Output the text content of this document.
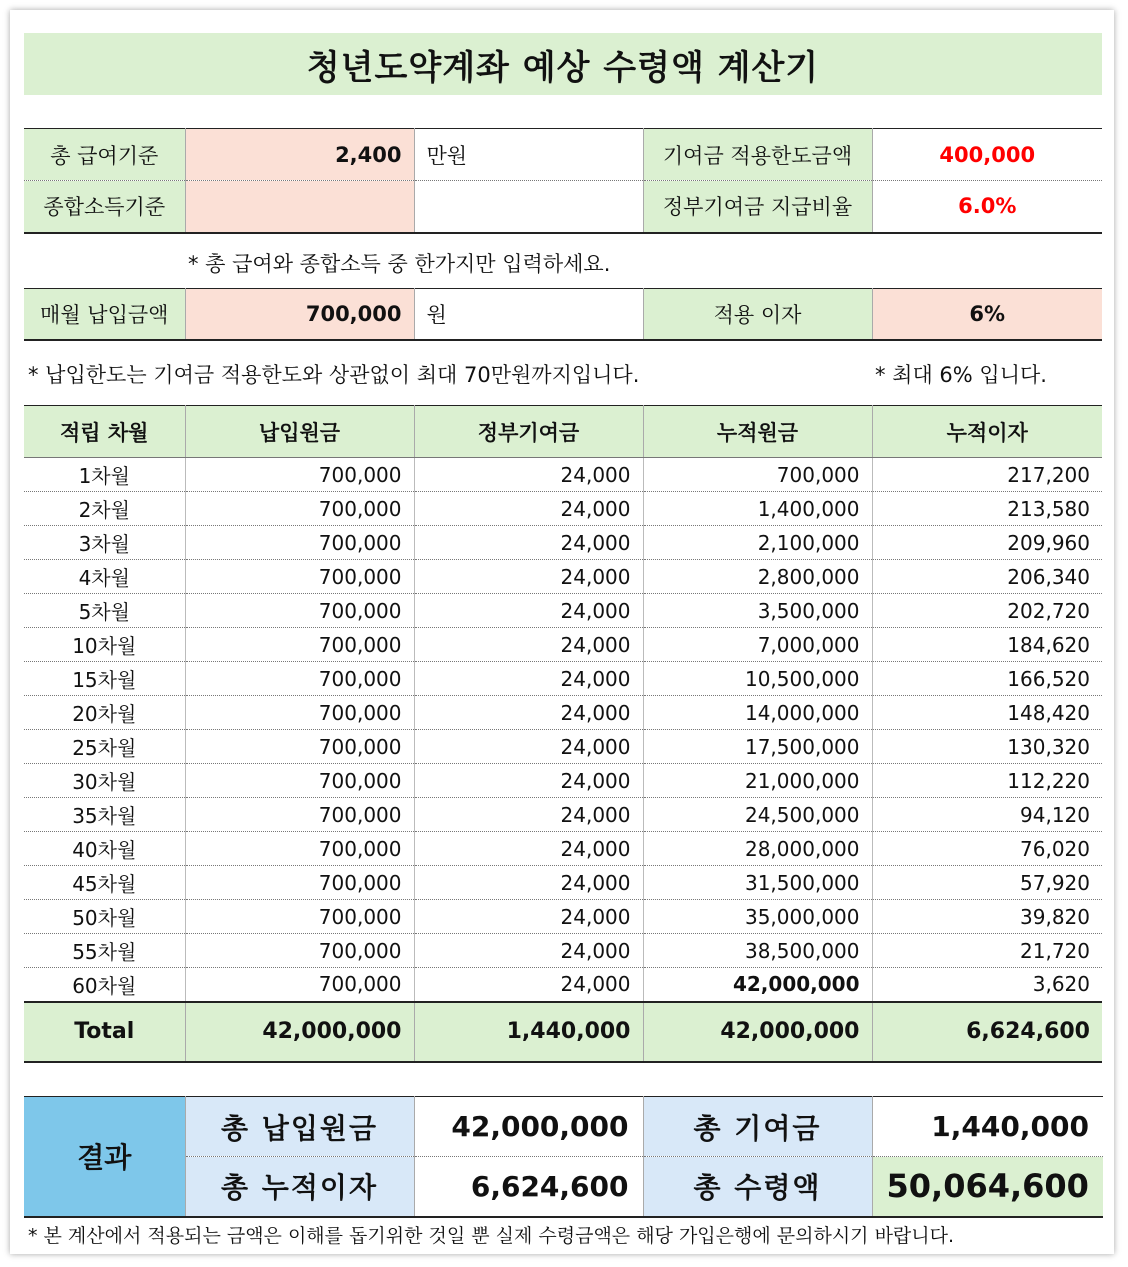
청년도약계좌 예상 수령액 계산기
총 급여기준	2,400	만원	기여금 적용한도금액	400,000
종합소득기준			정부기여금 지급비율	6.0%
* 총 급여와 종합소득 중 한가지만 입력하세요.
매월 납입금액	700,000	원	적용 이자	6%
* 납입한도는 기여금 적용한도와 상관없이 최대 70만원까지입니다.	* 최대 6% 입니다.
적립 차월	납입원금	정부기여금	누적원금	누적이자
1차월	700,000	24,000	700,000	217,200
2차월	700,000	24,000	1,400,000	213,580
3차월	700,000	24,000	2,100,000	209,960
4차월	700,000	24,000	2,800,000	206,340
5차월	700,000	24,000	3,500,000	202,720
10차월	700,000	24,000	7,000,000	184,620
15차월	700,000	24,000	10,500,000	166,520
20차월	700,000	24,000	14,000,000	148,420
25차월	700,000	24,000	17,500,000	130,320
30차월	700,000	24,000	21,000,000	112,220
35차월	700,000	24,000	24,500,000	94,120
40차월	700,000	24,000	28,000,000	76,020
45차월	700,000	24,000	31,500,000	57,920
50차월	700,000	24,000	35,000,000	39,820
55차월	700,000	24,000	38,500,000	21,720
60차월	700,000	24,000	42,000,000	3,620
Total	42,000,000	1,440,000	42,000,000	6,624,600
결과	총 납입원금	42,000,000	총 기여금	1,440,000
	총 누적이자	6,624,600	총 수령액	50,064,600
* 본 계산에서 적용되는 금액은 이해를 돕기위한 것일 뿐 실제 수령금액은 해당 가입은행에 문의하시기 바랍니다.
